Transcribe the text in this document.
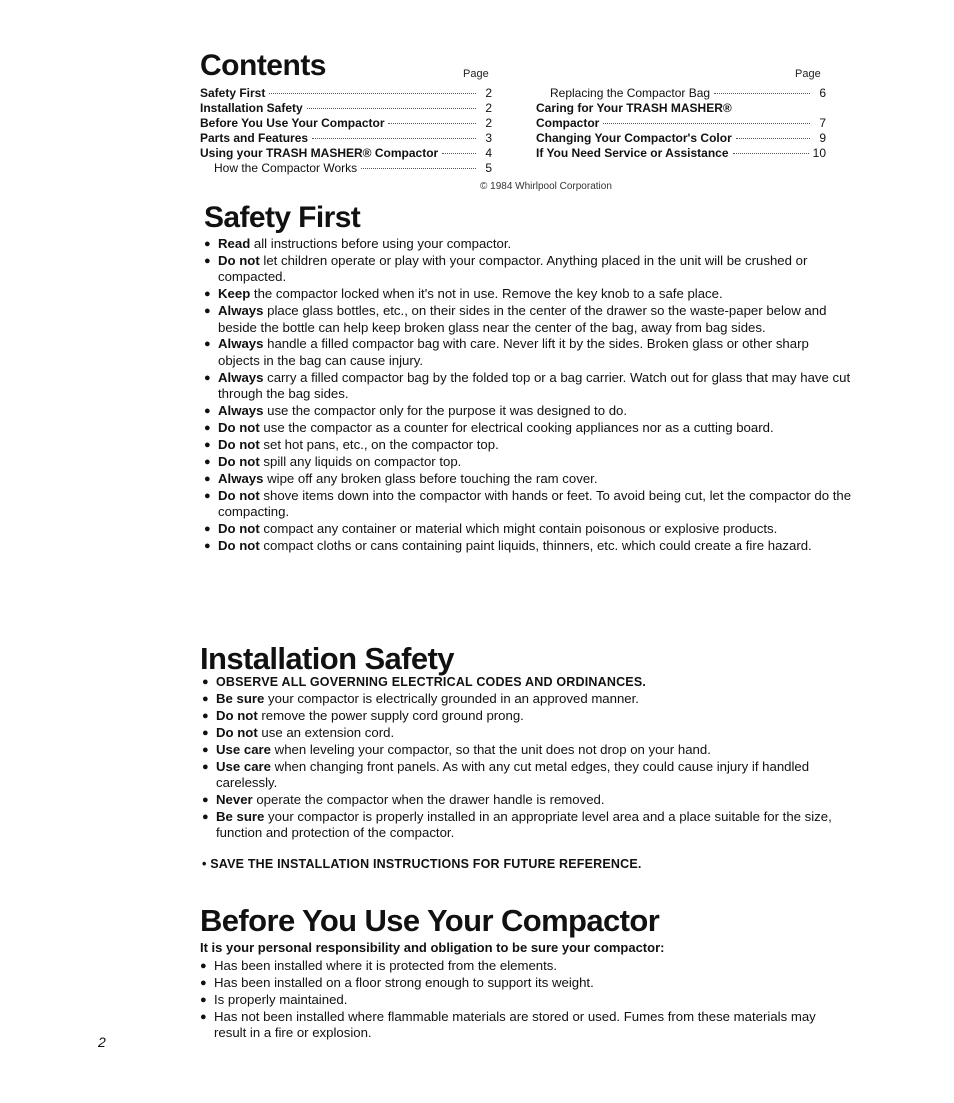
Contents	Page	Page
Safety First	2
Installation Safety	2
Before You Use Your Compactor	2
Parts and Features	3
Using your TRASH MASHER® Compactor	4
How the Compactor Works	5
Replacing the Compactor Bag	6
Caring for Your TRASH MASHER®
Compactor	7
Changing Your Compactor's Color	9
If You Need Service or Assistance	10
© 1984 Whirlpool Corporation
Safety First
● Read all instructions before using your compactor.
● Do not let children operate or play with your compactor. Anything placed in the unit will be crushed or compacted.
● Keep the compactor locked when it's not in use. Remove the key knob to a safe place.
● Always place glass bottles, etc., on their sides in the center of the drawer so the waste-paper below and beside the bottle can help keep broken glass near the center of the bag, away from bag sides.
● Always handle a filled compactor bag with care. Never lift it by the sides. Broken glass or other sharp objects in the bag can cause injury.
● Always carry a filled compactor bag by the folded top or a bag carrier. Watch out for glass that may have cut through the bag sides.
● Always use the compactor only for the purpose it was designed to do.
● Do not use the compactor as a counter for electrical cooking appliances nor as a cutting board.
● Do not set hot pans, etc., on the compactor top.
● Do not spill any liquids on compactor top.
● Always wipe off any broken glass before touching the ram cover.
● Do not shove items down into the compactor with hands or feet. To avoid being cut, let the compactor do the compacting.
● Do not compact any container or material which might contain poisonous or explosive products.
● Do not compact cloths or cans containing paint liquids, thinners, etc. which could create a fire hazard.
Installation Safety
● OBSERVE ALL GOVERNING ELECTRICAL CODES AND ORDINANCES.
● Be sure your compactor is electrically grounded in an approved manner.
● Do not remove the power supply cord ground prong.
● Do not use an extension cord.
● Use care when leveling your compactor, so that the unit does not drop on your hand.
● Use care when changing front panels. As with any cut metal edges, they could cause injury if handled carelessly.
● Never operate the compactor when the drawer handle is removed.
● Be sure your compactor is properly installed in an appropriate level area and a place suitable for the size, function and protection of the compactor.
• SAVE THE INSTALLATION INSTRUCTIONS FOR FUTURE REFERENCE.
Before You Use Your Compactor
It is your personal responsibility and obligation to be sure your compactor:
● Has been installed where it is protected from the elements.
● Has been installed on a floor strong enough to support its weight.
● Is properly maintained.
● Has not been installed where flammable materials are stored or used. Fumes from these materials may result in a fire or explosion.
2
